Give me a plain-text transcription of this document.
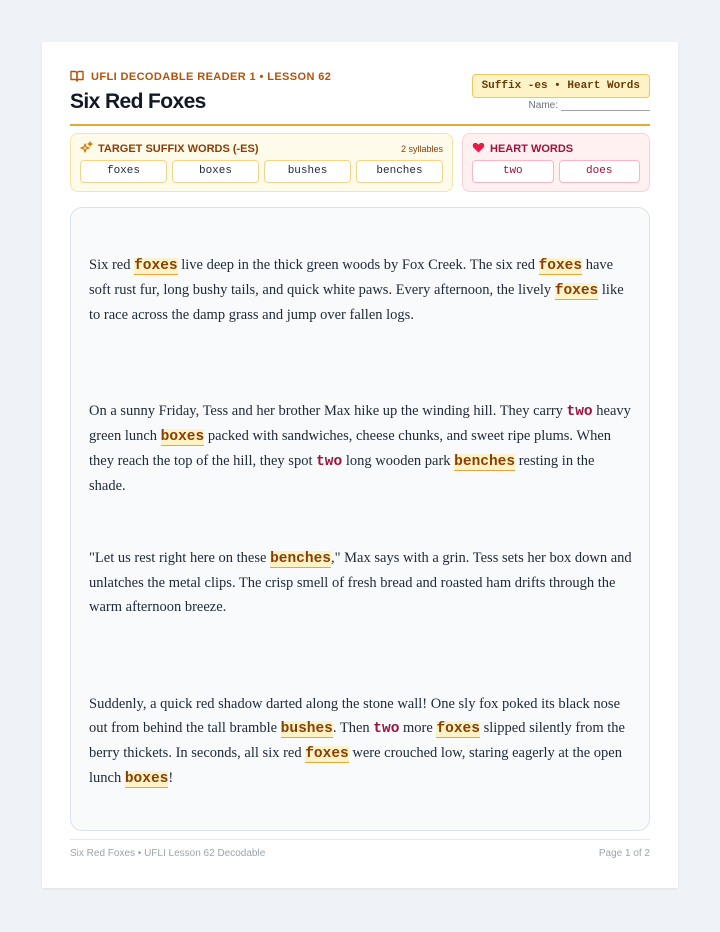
UFLI DECODABLE READER 1 • LESSON 62
Six Red Foxes
Suffix -es • Heart Words
Name:
TARGET SUFFIX WORDS (-ES)	2 syllables
foxes	boxes	bushes	benches
HEART WORDS
two	does

Six red foxes live deep in the thick green woods by Fox Creek. The six red foxes have soft rust fur, long bushy tails, and quick white paws. Every afternoon, the lively foxes like to race across the damp grass and jump over fallen logs.

On a sunny Friday, Tess and her brother Max hike up the winding hill. They carry two heavy green lunch boxes packed with sandwiches, cheese chunks, and sweet ripe plums. When they reach the top of the hill, they spot two long wooden park benches resting in the shade.

"Let us rest right here on these benches," Max says with a grin. Tess sets her box down and unlatches the metal clips. The crisp smell of fresh bread and roasted ham drifts through the warm afternoon breeze.

Suddenly, a quick red shadow darted along the stone wall! One sly fox poked its black nose out from behind the tall bramble bushes. Then two more foxes slipped silently from the berry thickets. In seconds, all six red foxes were crouched low, staring eagerly at the open lunch boxes!

Six Red Foxes • UFLI Lesson 62 Decodable	Page 1 of 2
